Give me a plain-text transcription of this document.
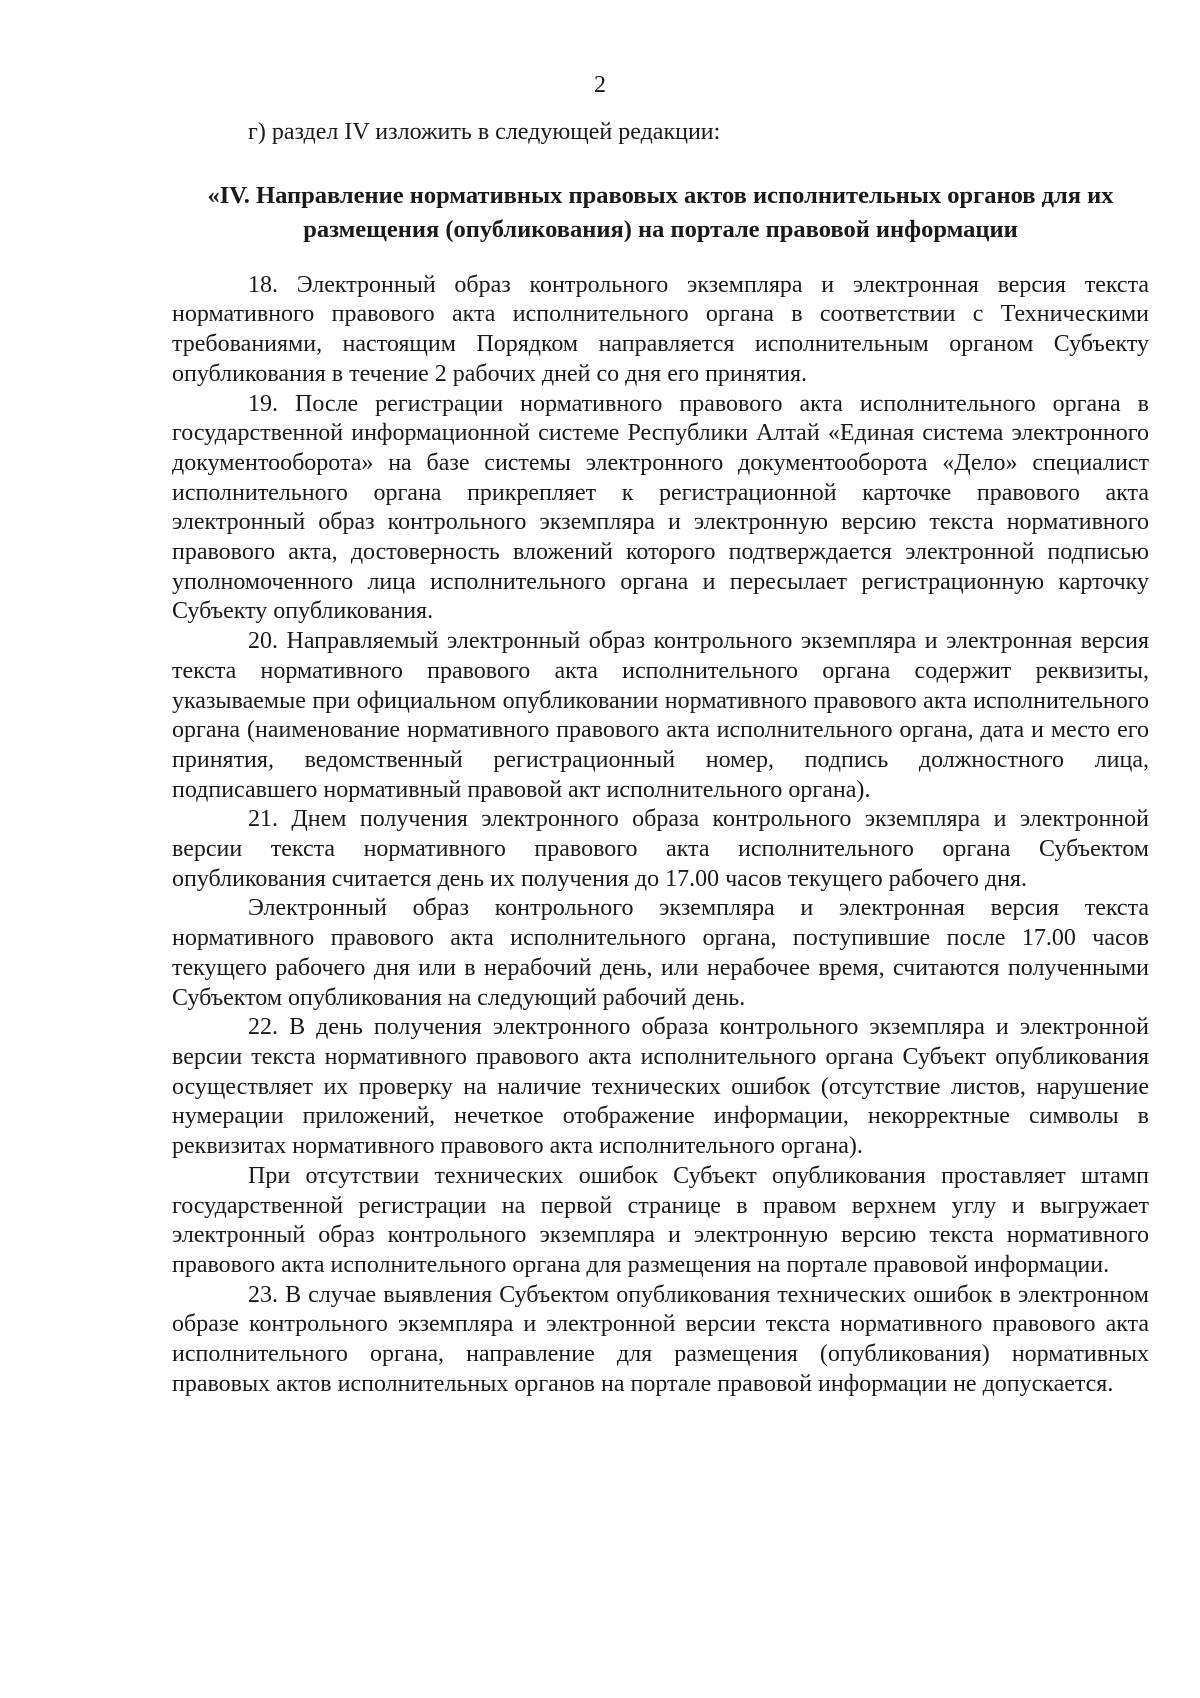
2

г) раздел IV изложить в следующей редакции:

«IV. Направление нормативных правовых актов исполнительных органов для их размещения (опубликования) на портале правовой информации

18. Электронный образ контрольного экземпляра и электронная версия текста нормативного правового акта исполнительного органа в соответствии с Техническими требованиями, настоящим Порядком направляется исполнительным органом Субъекту опубликования в течение 2 рабочих дней со дня его принятия.

19. После регистрации нормативного правового акта исполнительного органа в государственной информационной системе Республики Алтай «Единая система электронного документооборота» на базе системы электронного документооборота «Дело» специалист исполнительного органа прикрепляет к регистрационной карточке правового акта электронный образ контрольного экземпляра и электронную версию текста нормативного правового акта, достоверность вложений которого подтверждается электронной подписью уполномоченного лица исполнительного органа и пересылает регистрационную карточку Субъекту опубликования.

20. Направляемый электронный образ контрольного экземпляра и электронная версия текста нормативного правового акта исполнительного органа содержит реквизиты, указываемые при официальном опубликовании нормативного правового акта исполнительного органа (наименование нормативного правового акта исполнительного органа, дата и место его принятия, ведомственный регистрационный номер, подпись должностного лица, подписавшего нормативный правовой акт исполнительного органа).

21. Днем получения электронного образа контрольного экземпляра и электронной версии текста нормативного правового акта исполнительного органа Субъектом опубликования считается день их получения до 17.00 часов текущего рабочего дня.

Электронный образ контрольного экземпляра и электронная версия текста нормативного правового акта исполнительного органа, поступившие после 17.00 часов текущего рабочего дня или в нерабочий день, или нерабочее время, считаются полученными Субъектом опубликования на следующий рабочий день.

22. В день получения электронного образа контрольного экземпляра и электронной версии текста нормативного правового акта исполнительного органа Субъект опубликования осуществляет их проверку на наличие технических ошибок (отсутствие листов, нарушение нумерации приложений, нечеткое отображение информации, некорректные символы в реквизитах нормативного правового акта исполнительного органа).

При отсутствии технических ошибок Субъект опубликования проставляет штамп государственной регистрации на первой странице в правом верхнем углу и выгружает электронный образ контрольного экземпляра и электронную версию текста нормативного правового акта исполнительного органа для размещения на портале правовой информации.

23. В случае выявления Субъектом опубликования технических ошибок в электронном образе контрольного экземпляра и электронной версии текста нормативного правового акта исполнительного органа, направление для размещения (опубликования) нормативных правовых актов исполнительных органов на портале правовой информации не допускается.
